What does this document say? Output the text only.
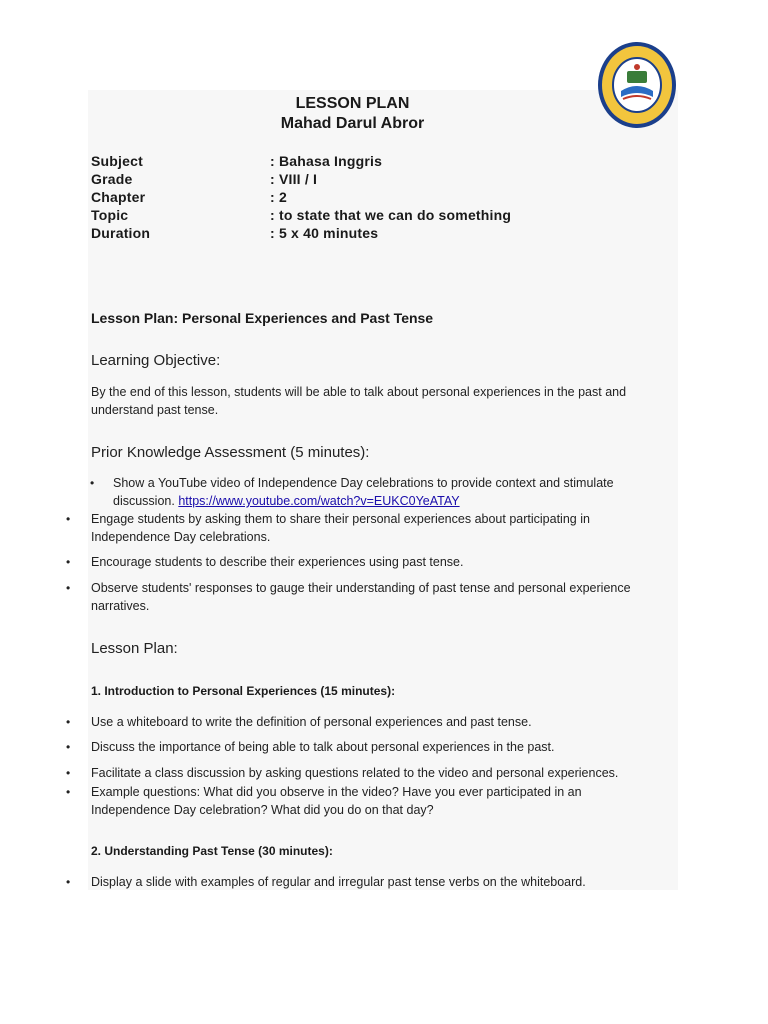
LESSON PLAN
Mahad Darul Abror
Subject	: Bahasa Inggris
Grade	: VIII / I
Chapter	: 2
Topic	: to state that we can do something
Duration	: 5 x 40 minutes
Lesson Plan: Personal Experiences and Past Tense
Learning Objective:
By the end of this lesson, students will be able to talk about personal experiences in the past and understand past tense.
Prior Knowledge Assessment (5 minutes):
• Show a YouTube video of Independence Day celebrations to provide context and stimulate discussion. https://www.youtube.com/watch?v=EUKC0YeATAY
• Engage students by asking them to share their personal experiences about participating in Independence Day celebrations.
• Encourage students to describe their experiences using past tense.
• Observe students' responses to gauge their understanding of past tense and personal experience narratives.
Lesson Plan:
1. Introduction to Personal Experiences (15 minutes):
• Use a whiteboard to write the definition of personal experiences and past tense.
• Discuss the importance of being able to talk about personal experiences in the past.
• Facilitate a class discussion by asking questions related to the video and personal experiences.
• Example questions: What did you observe in the video? Have you ever participated in an Independence Day celebration? What did you do on that day?
2. Understanding Past Tense (30 minutes):
• Display a slide with examples of regular and irregular past tense verbs on the whiteboard.
